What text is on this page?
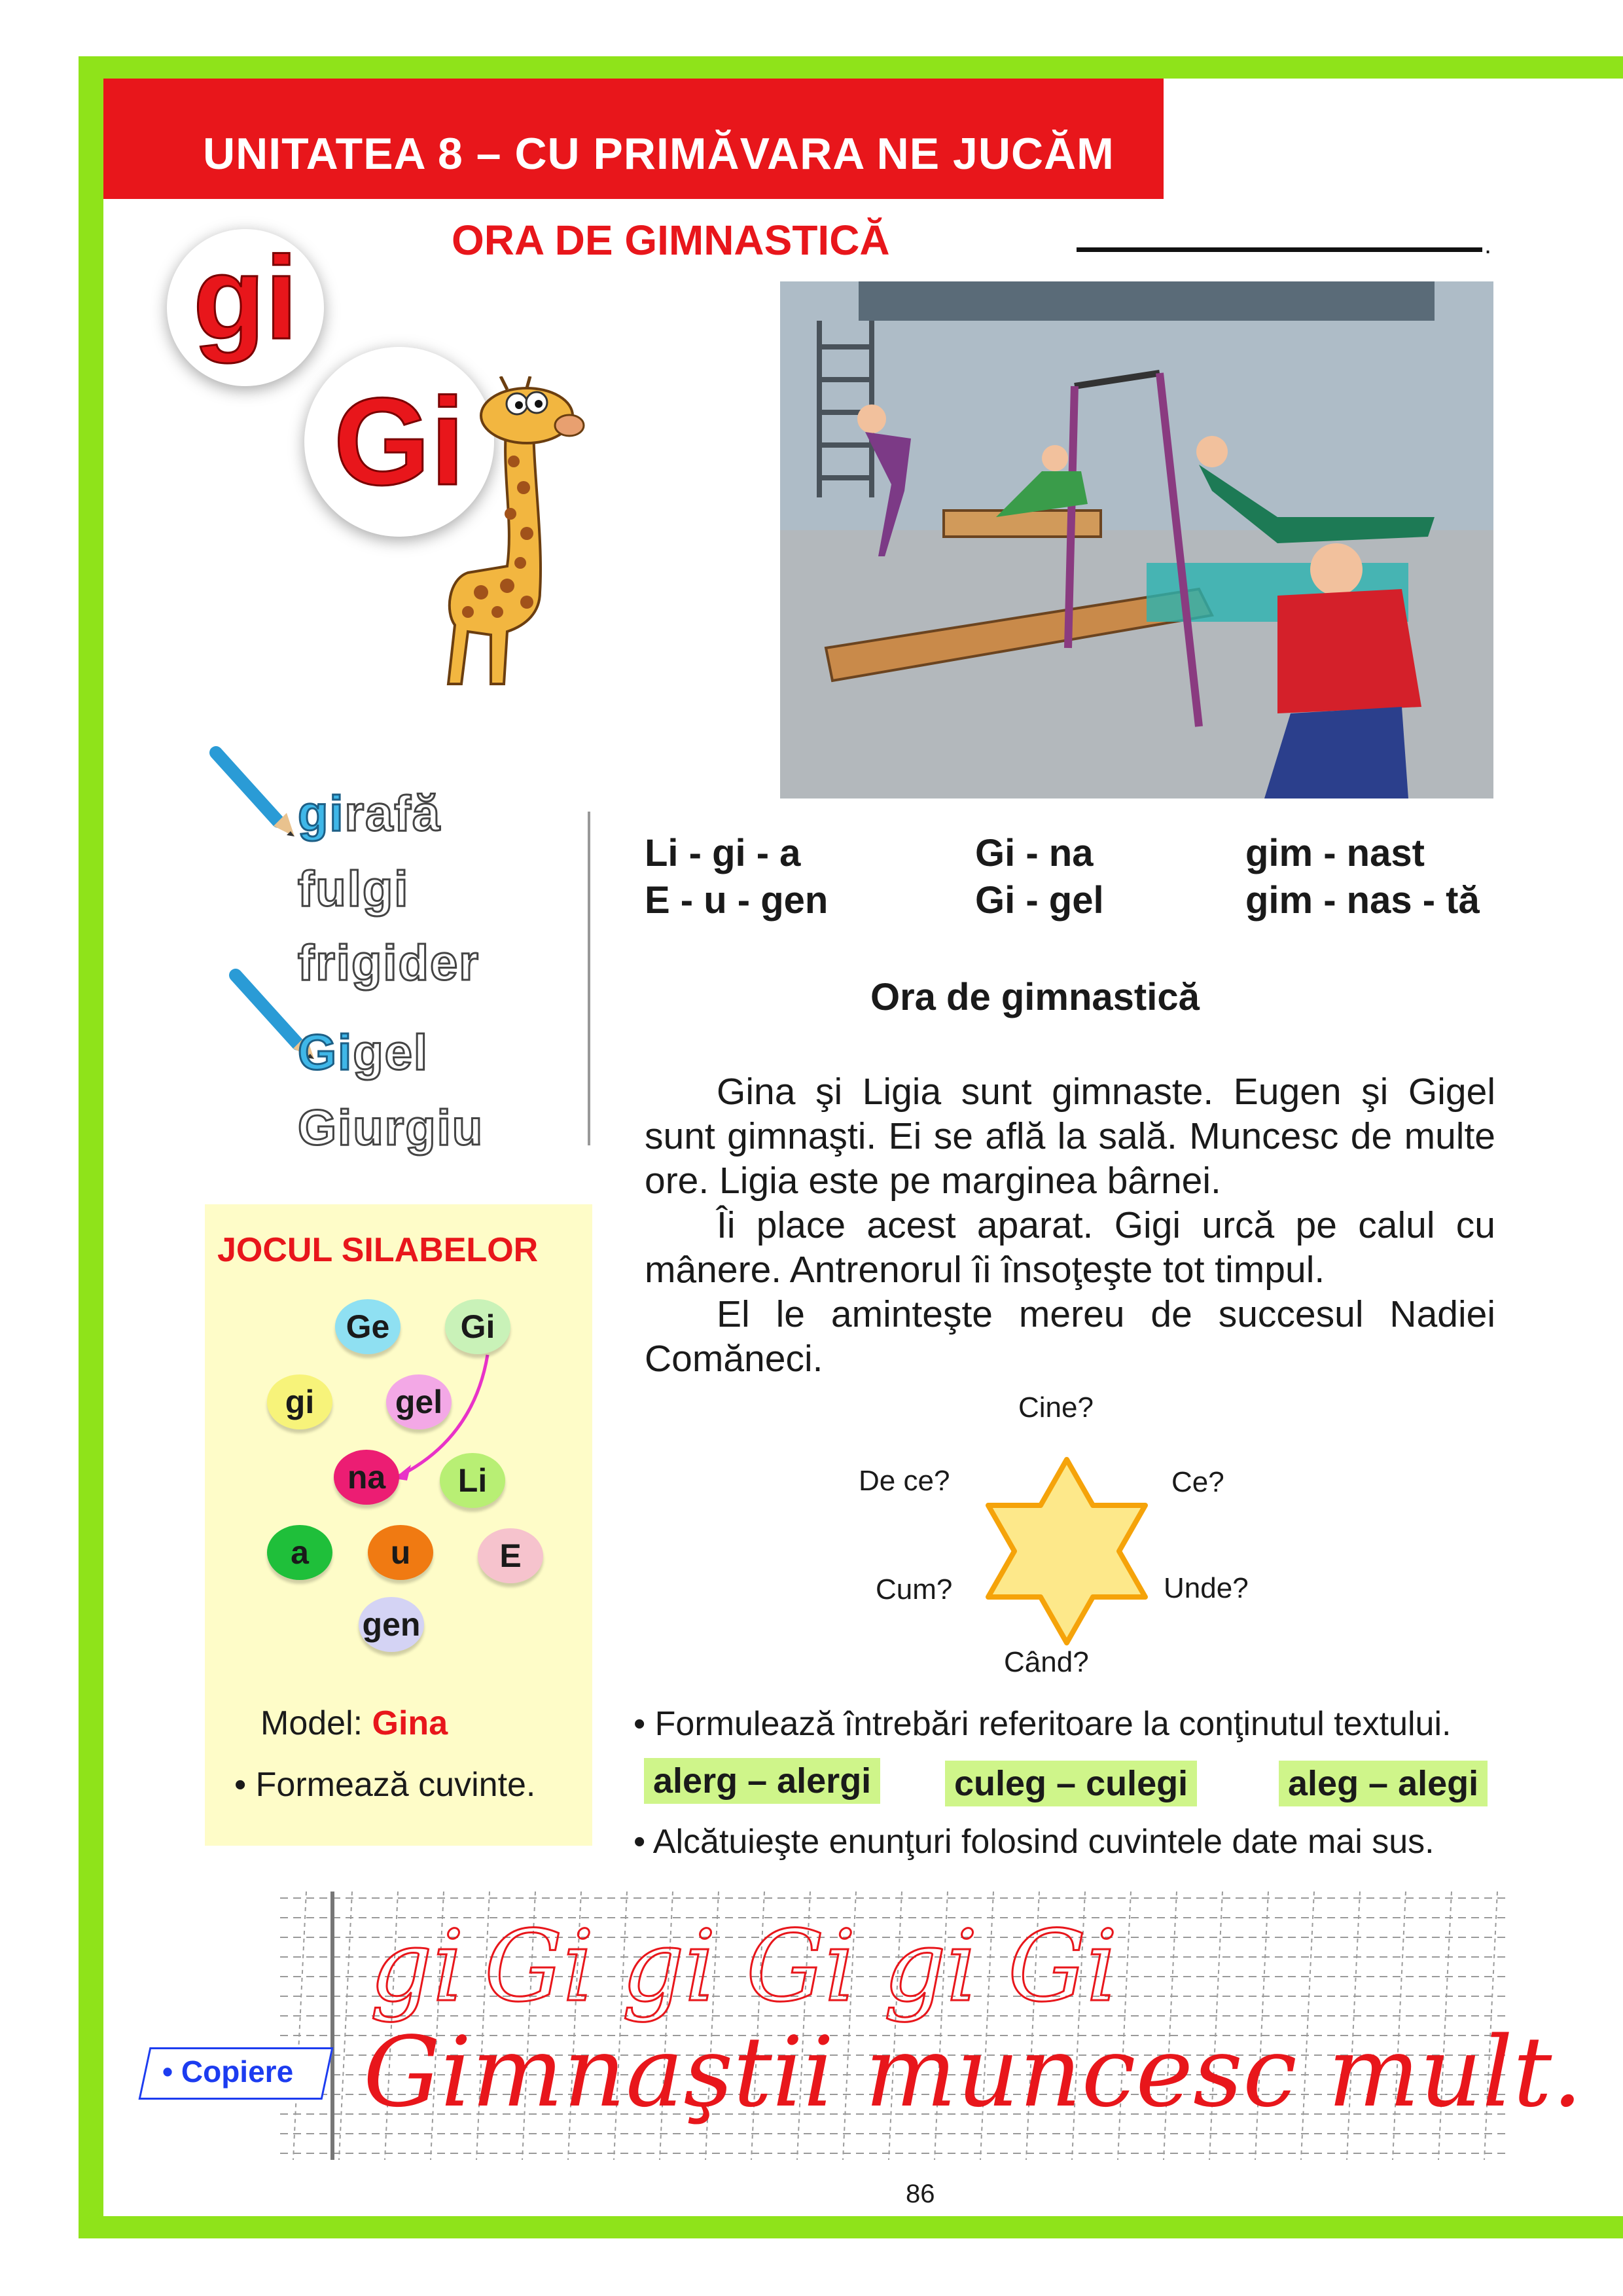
UNITATEA 8 – CU PRIMĂVARA NE JUCĂM
ORA DE GIMNASTICĂ	.
gi
Gi
girafă
fulgi
frigider
Gigel
Giurgiu
Li - gi - a	Gi - na	gim - nast
E - u - gen	Gi - gel	gim - nas - tă
Ora de gimnastică

Gina şi Ligia sunt gimnaste. Eugen şi Gigel sunt gimnaşti. Ei se află la sală. Muncesc de multe ore. Ligia este pe marginea bârnei.

Îi place acest aparat. Gigi urcă pe calul cu mânere. Antrenorul îi însoţeşte tot timpul.

El le aminteşte mereu de succesul Nadiei Comăneci.

Cine?
De ce?	Ce?
Cum?	Unde?
Când?
JOCUL SILABELOR
Ge	Gi
gi	gel
na	Li
a	u	E
gen
Model: Gina
• Formează cuvinte.
• Formulează întrebări referitoare la conţinutul textului.
alerg – alergi culeg – culegi	aleg – alegi
• Alcătuieşte enunţuri folosind cuvintele date mai sus.
gi Gi gi Gi gi Gi
Gimnaştii muncesc mult.
• Copiere
86
